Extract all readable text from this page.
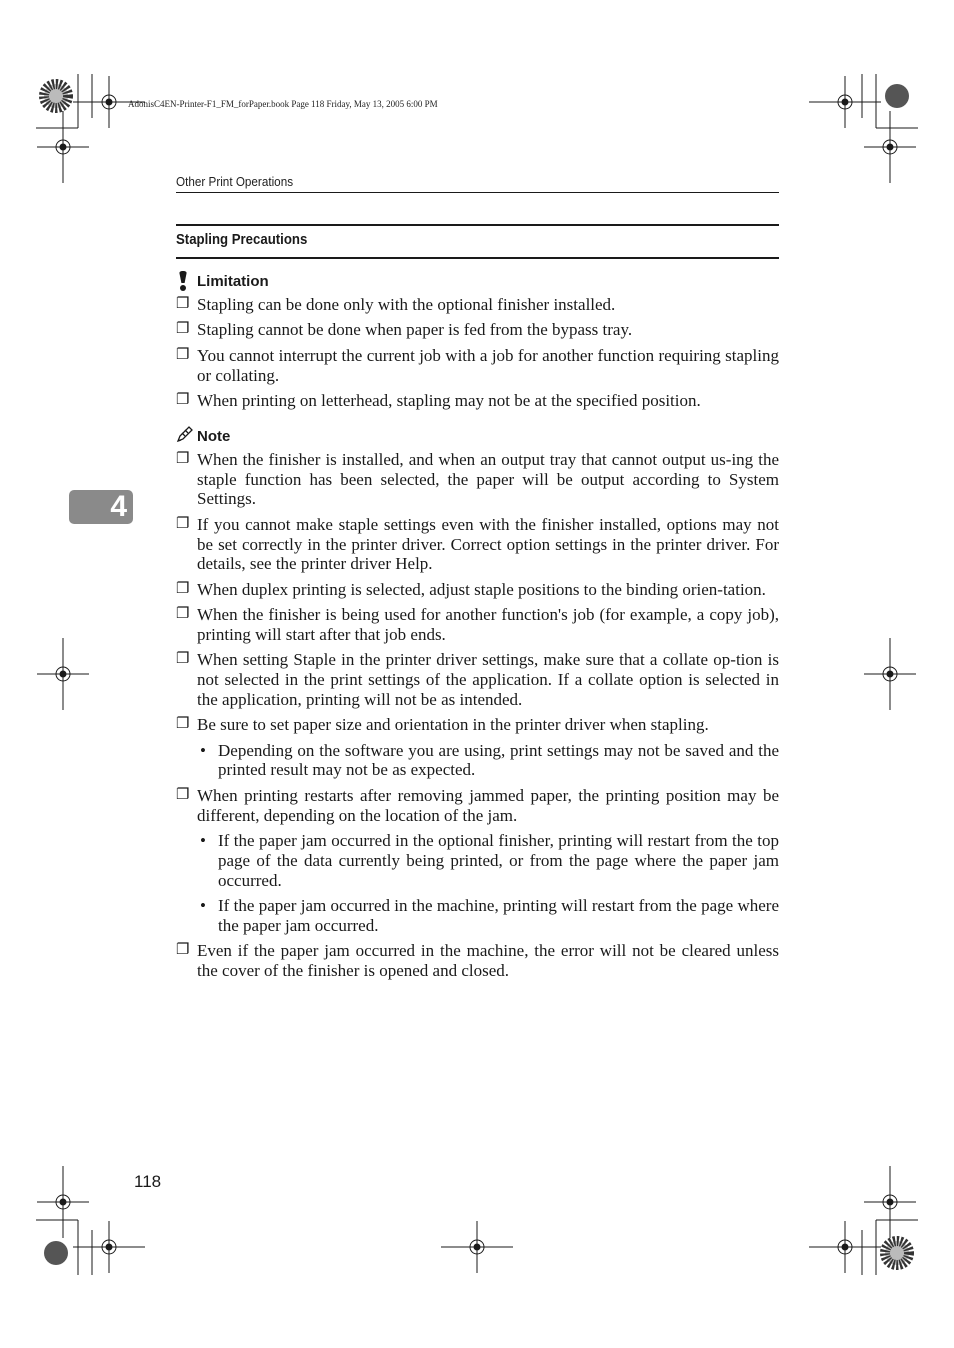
AdonisC4EN-Printer-F1_FM_forPaper.book Page 118 Friday, May 13, 2005 6:00 PM
Other Print Operations
Stapling Precautions
4
Limitation
❐ Stapling can be done only with the optional finisher installed.
❐ Stapling cannot be done when paper is fed from the bypass tray.
❐ You cannot interrupt the current job with a job for another function requiring stapling or collating.
❐ When printing on letterhead, stapling may not be at the specified position.
Note
❐ When the finisher is installed, and when an output tray that cannot output us-ing the staple function has been selected, the paper will be output according to System Settings.
❐ If you cannot make staple settings even with the finisher installed, options may not be set correctly in the printer driver. Correct option settings in the printer driver. For details, see the printer driver Help.
❐ When duplex printing is selected, adjust staple positions to the binding orien-tation.
❐ When the finisher is being used for another function's job (for example, a copy job), printing will start after that job ends.
❐ When setting Staple in the printer driver settings, make sure that a collate op-tion is not selected in the print settings of the application. If a collate option is selected in the application, printing will not be as intended.
❐ Be sure to set paper size and orientation in the printer driver when stapling.
• Depending on the software you are using, print settings may not be saved and the printed result may not be as expected.
❐ When printing restarts after removing jammed paper, the printing position may be different, depending on the location of the jam.
• If the paper jam occurred in the optional finisher, printing will restart from the top page of the data currently being printed, or from the page where the paper jam occurred.
• If the paper jam occurred in the machine, printing will restart from the page where the paper jam occurred.
❐ Even if the paper jam occurred in the machine, the error will not be cleared unless the cover of the finisher is opened and closed.
118
